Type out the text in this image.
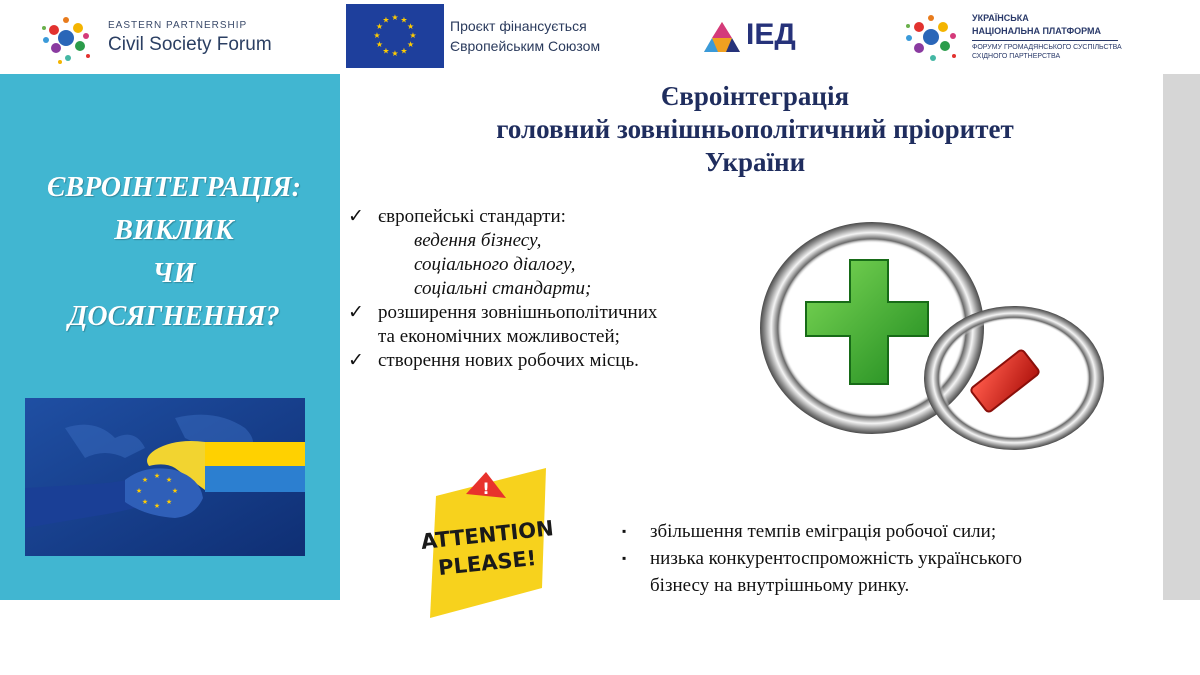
EASTERN PARTNERSHIP
Civil Society Forum
★ ★
★
★
★
★
★
★
★
★
★
★	Проєкт фінансується
Європейським Союзом	ІЕД	УКРАЇНСЬКА
НАЦІОНАЛЬНА ПЛАТФОРМА
ФОРУМУ ГРОМАДЯНСЬКОГО СУСПІЛЬСТВА
СХІДНОГО ПАРТНЕРСТВА
ЄВРОІНТЕГРАЦІЯ:
ВИКЛИК
ЧИ
ДОСЯГНЕННЯ?
★ ★ ★
★
★
★
★
★
Євроінтеграція
головний зовнішньополітичний пріоритет
України
✓ європейські стандарти:
ведення бізнесу,
соціального діалогу,
соціальні стандарти;
✓ розширення зовнішньополітичних
та економічних можливостей;
✓ створення нових робочих місць.
!
ATTENTION
PLEASE!
▪ збільшення темпів еміграція робочої сили;
▪ низька конкурентоспроможність українського
бізнесу на внутрішньому ринку.
